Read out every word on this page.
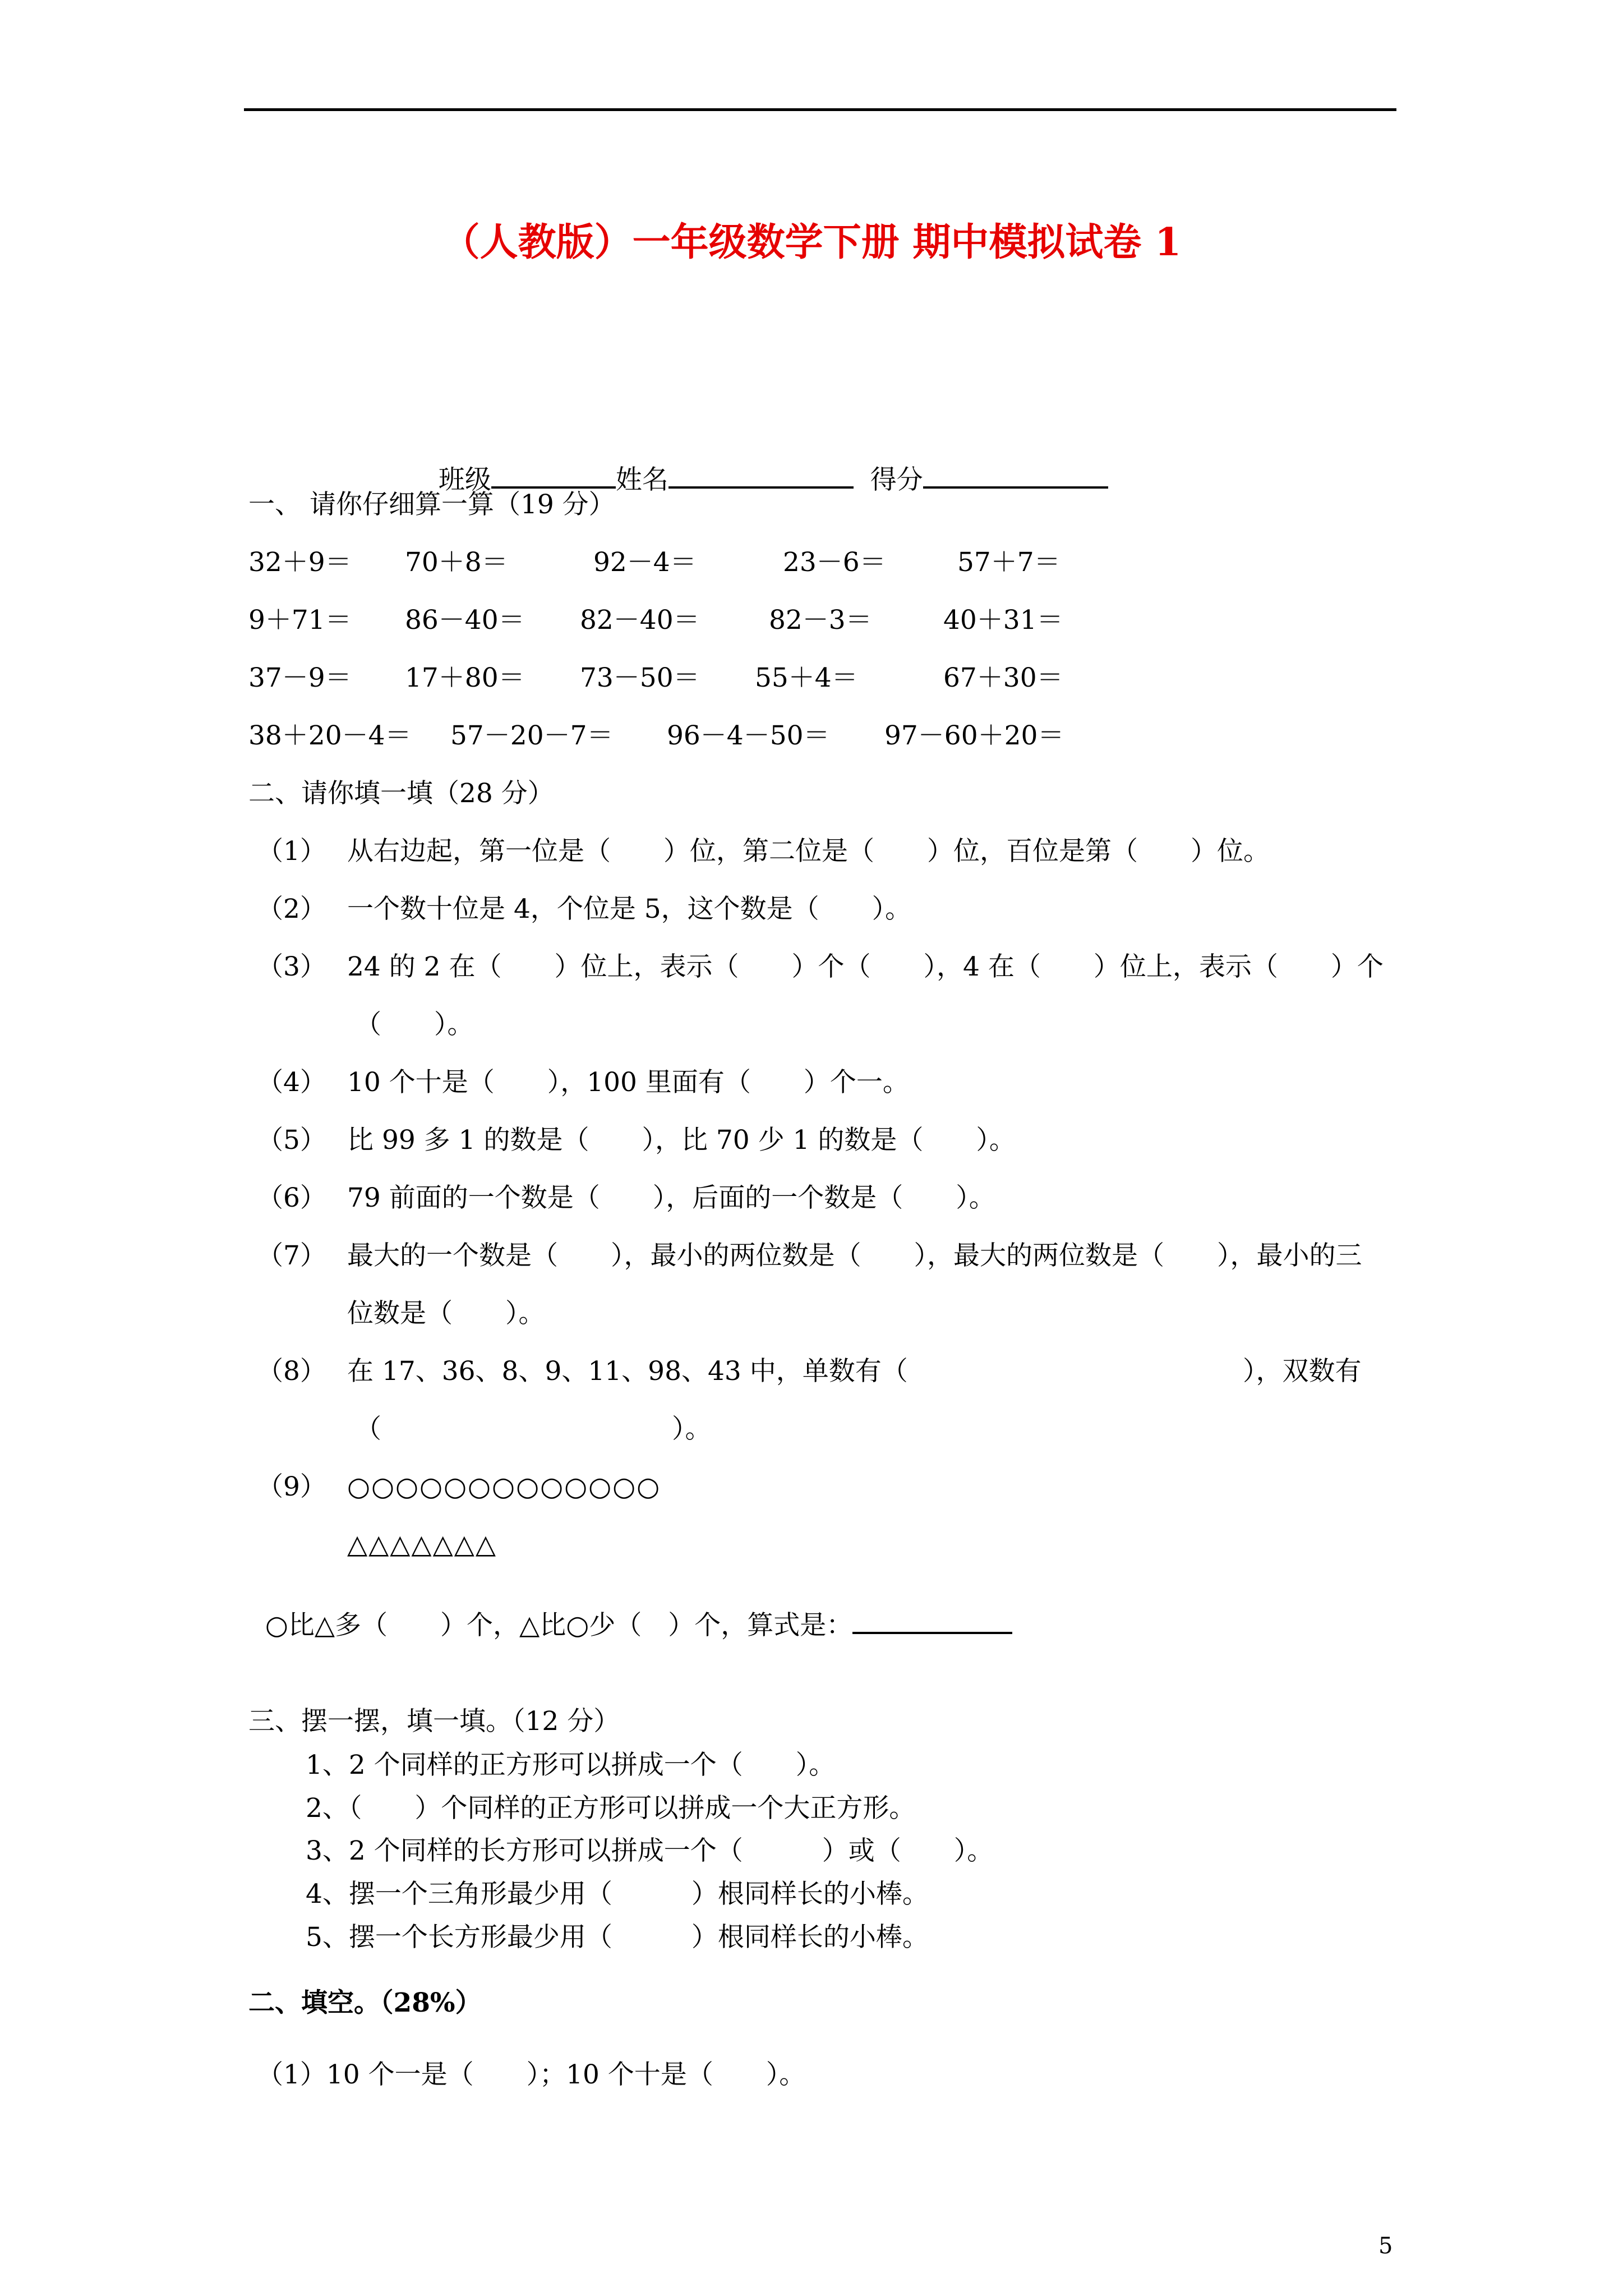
（人教版）一年级数学下册 期中模拟试卷 1

班级	姓名	得分

一、 请你仔细算一算（19 分）
32＋9＝ 70＋8＝	92－4＝	23－6＝	57＋7＝
9＋71＝ 86－40＝ 82－40＝	82－3＝	40＋31＝
37－9＝ 17＋80＝ 73－50＝ 55＋4＝	67＋30＝
38＋20－4＝ 57－20－7＝ 96－4－50＝ 97－60＋20＝
二、请你填一填（28 分）
（1） 从右边起，第一位是（　　）位，第二位是（　　）位，百位是第（　　）位。
（2） 一个数十位是 4，个位是 5，这个数是（　　）。
（3） 24 的 2 在（　　）位上，表示（　　）个（　　），4 在（　　）位上，表示（　　）个
（　　）。
（4） 10 个十是（　　），100 里面有（　　）个一。
（5） 比 99 多 1 的数是（　　），比 70 少 1 的数是（　　）。
（6） 79 前面的一个数是（　　），后面的一个数是（　　）。
（7） 最大的一个数是（　　），最小的两位数是（　　），最大的两位数是（　　），最小的三
位数是（　　）。
（8） 在 17、36、8、9、11、98、43 中，单数有（	），双数有
（	）。
（9） ○○○○○○○○○○○○○
△△△△△△△

○比△多（　　）个，△比○少（　）个，算式是：

三、摆一摆，填一填。（12 分）
1、2 个同样的正方形可以拼成一个（　　）。
2、（　　）个同样的正方形可以拼成一个大正方形。
3、2 个同样的长方形可以拼成一个（　　　）或（　　）。
4、摆一个三角形最少用（　　　）根同样长的小棒。
5、摆一个长方形最少用（　　　）根同样长的小棒。
二、填空。（28%）
（1）10 个一是（　　）；10 个十是（　　）。
5
